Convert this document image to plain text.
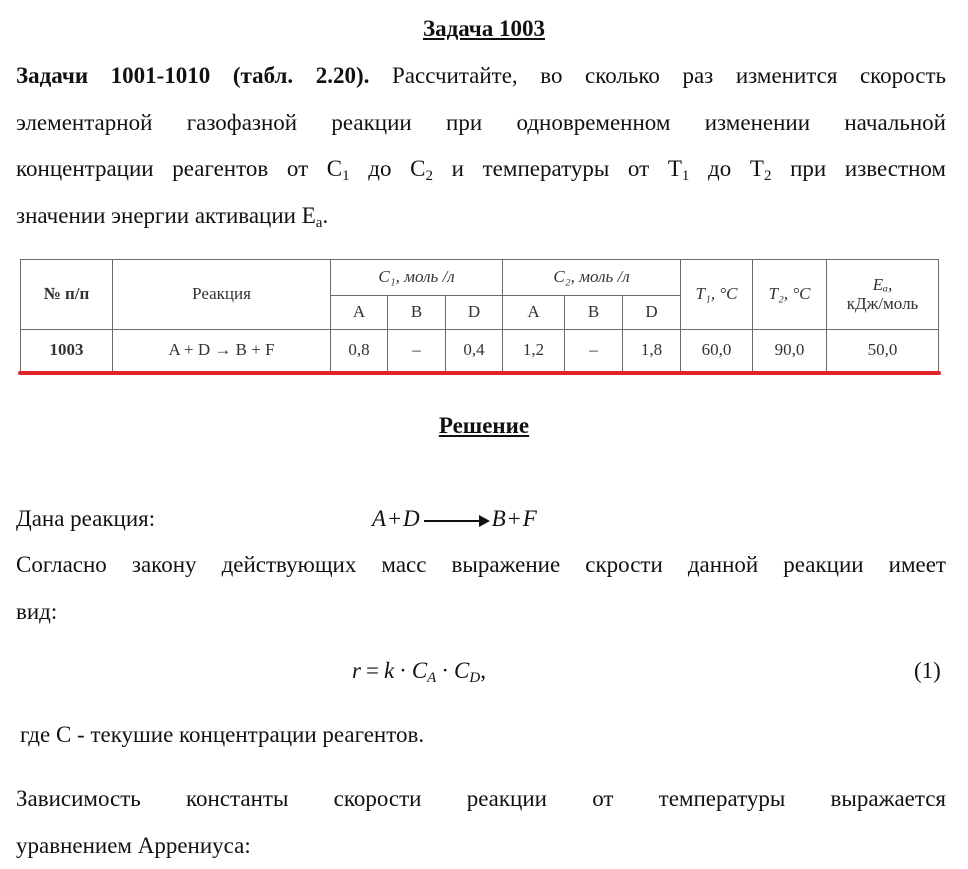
Задача 1003
Задачи 1001-1010 (табл. 2.20). Рассчитайте, во сколько раз изменится скорость
элементарной газофазной реакции при одновременном изменении начальной
концентрации реагентов от $С_1$ до $С_2$ и температуры от $Т_1$ до $Т_2$ при известном
значении энергии активации $Е_a$.
№ п/п	Реакция	C₁, моль /л			C₂, моль /л			T₁, °C	T₂, °C	Eₐ,
кДж/моль
		A	B	D	A	B	D			
1003	A + D → B + F	0,8	–	0,4	1,2	–	1,8	60,0	90,0	50,0
Решение
Дана реакция:	A+D → B+F
Согласно закону действующих масс выражение скрости данной реакции имеет
вид:
$r = k \cdot C_A \cdot C_D$,	(1)
где С - текушие концентрации реагентов.
Зависимость константы скорости реакции от температуры выражается
уравнением Аррениуса:
